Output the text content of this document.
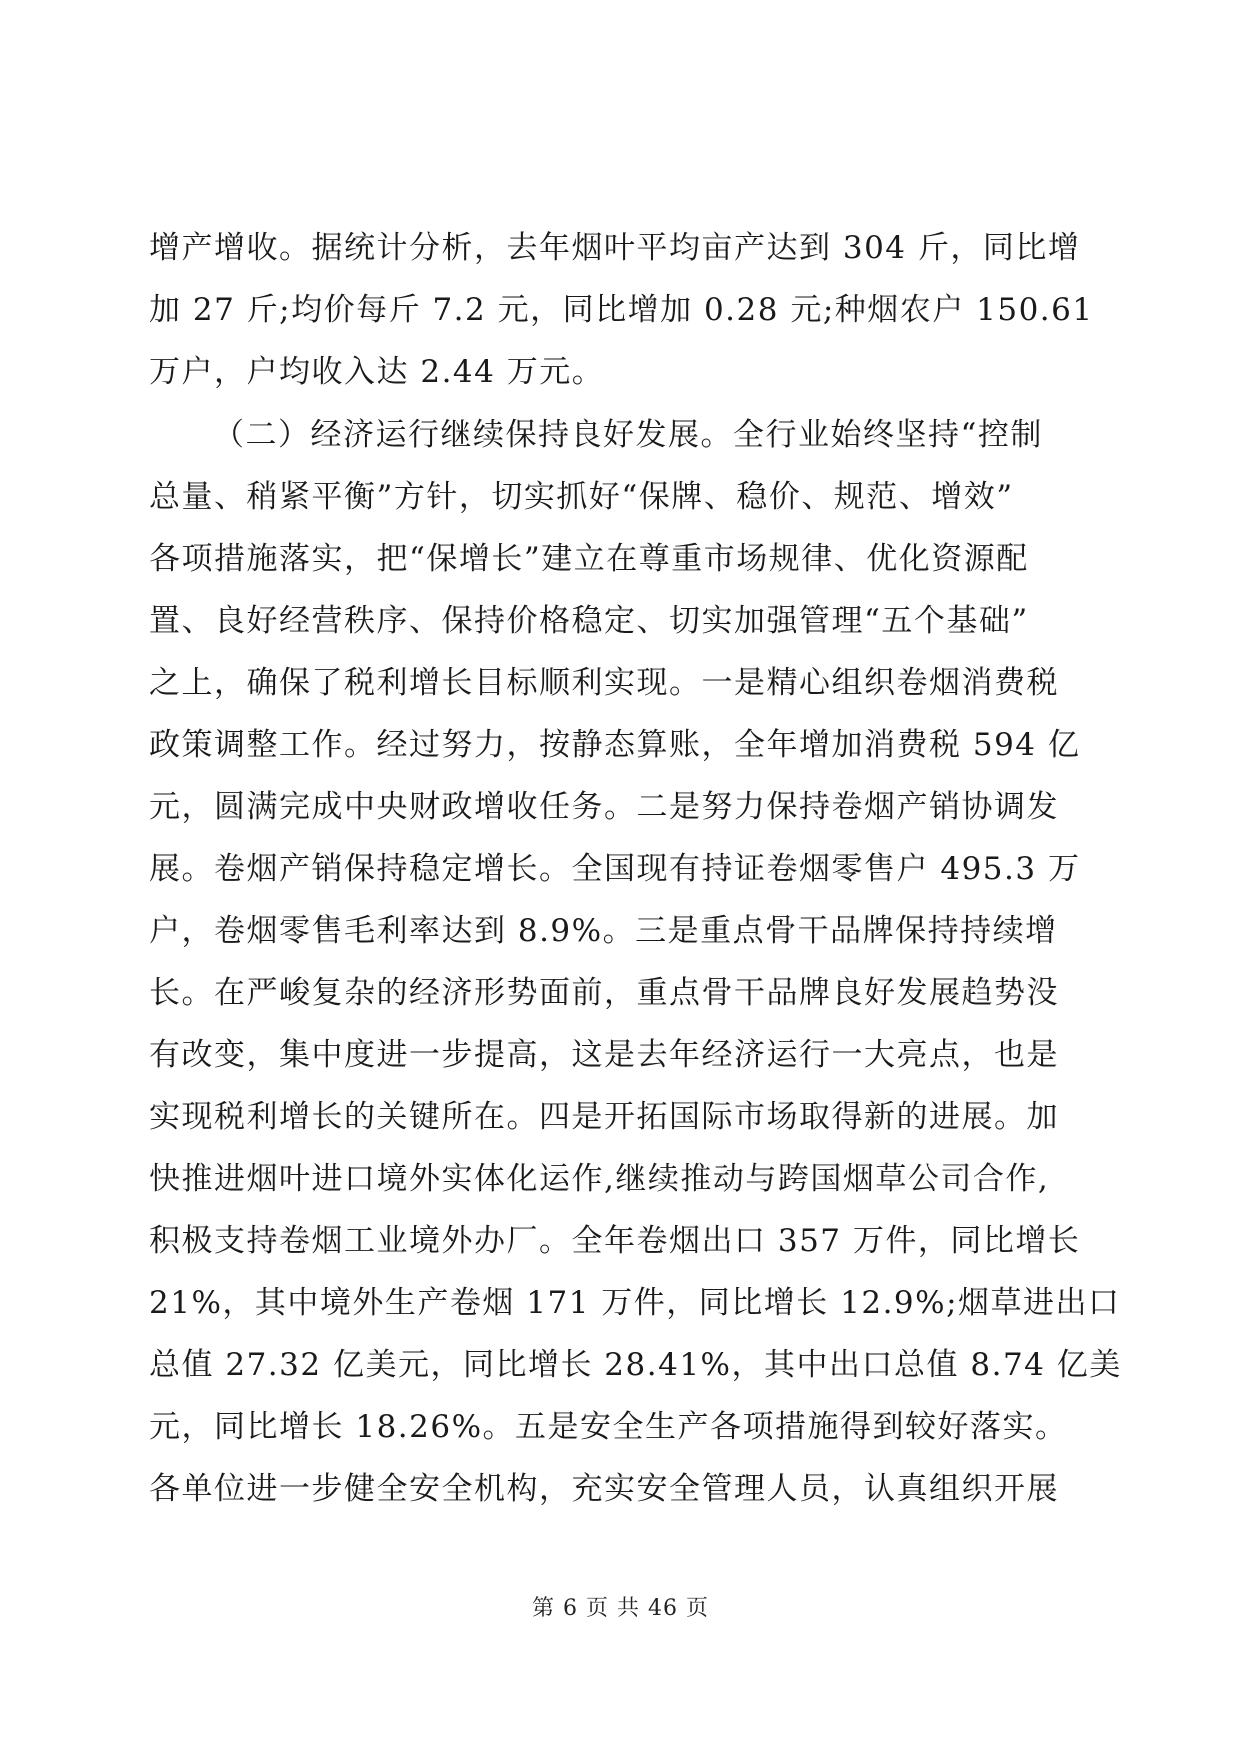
增产增收。据统计分析，去年烟叶平均亩产达到 304 斤，同比增
加 27 斤;均价每斤 7.2 元，同比增加 0.28 元;种烟农户 150.61
万户，户均收入达 2.44 万元。
（二）经济运行继续保持良好发展。全行业始终坚持“控制
总量、稍紧平衡”方针，切实抓好“保牌、稳价、规范、增效”
各项措施落实，把“保增长”建立在尊重市场规律、优化资源配
置、良好经营秩序、保持价格稳定、切实加强管理“五个基础”
之上，确保了税利增长目标顺利实现。一是精心组织卷烟消费税
政策调整工作。经过努力，按静态算账，全年增加消费税 594 亿
元，圆满完成中央财政增收任务。二是努力保持卷烟产销协调发
展。卷烟产销保持稳定增长。全国现有持证卷烟零售户 495.3 万
户，卷烟零售毛利率达到 8.9%。三是重点骨干品牌保持持续增
长。在严峻复杂的经济形势面前，重点骨干品牌良好发展趋势没
有改变，集中度进一步提高，这是去年经济运行一大亮点，也是
实现税利增长的关键所在。四是开拓国际市场取得新的进展。加
快推进烟叶进口境外实体化运作,继续推动与跨国烟草公司合作,
积极支持卷烟工业境外办厂。全年卷烟出口 357 万件，同比增长
21%，其中境外生产卷烟 171 万件，同比增长 12.9%;烟草进出口
总值 27.32 亿美元，同比增长 28.41%，其中出口总值 8.74 亿美
元，同比增长 18.26%。五是安全生产各项措施得到较好落实。
各单位进一步健全安全机构，充实安全管理人员，认真组织开展
第 6 页 共 46 页
